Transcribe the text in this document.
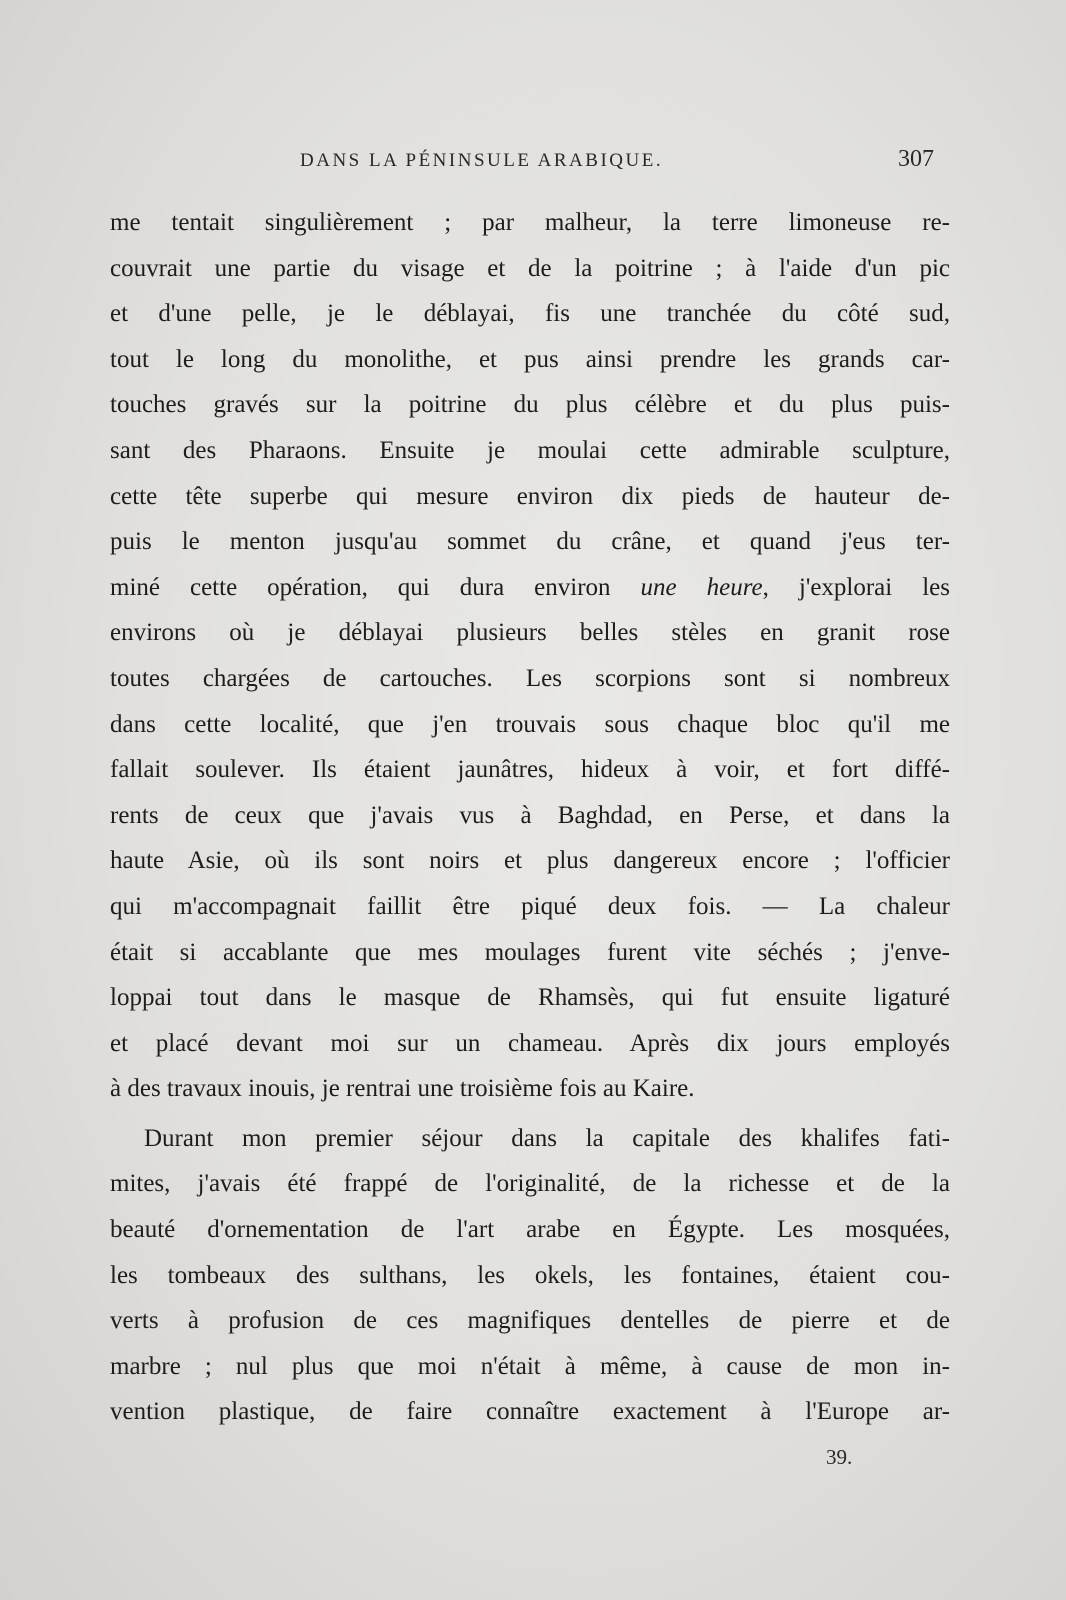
DANS LA PÉNINSULE ARABIQUE.	307
me tentait singulièrement ; par malheur, la terre limoneuse re-
couvrait une partie du visage et de la poitrine ; à l'aide d'un pic
et d'une pelle, je le déblayai, fis une tranchée du côté sud,
tout le long du monolithe, et pus ainsi prendre les grands car-
touches gravés sur la poitrine du plus célèbre et du plus puis-
sant des Pharaons. Ensuite je moulai cette admirable sculpture,
cette tête superbe qui mesure environ dix pieds de hauteur de-
puis le menton jusqu'au sommet du crâne, et quand j'eus ter-
miné cette opération, qui dura environ une heure, j'explorai les
environs où je déblayai plusieurs belles stèles en granit rose
toutes chargées de cartouches. Les scorpions sont si nombreux
dans cette localité, que j'en trouvais sous chaque bloc qu'il me
fallait soulever. Ils étaient jaunâtres, hideux à voir, et fort diffé-
rents de ceux que j'avais vus à Baghdad, en Perse, et dans la
haute Asie, où ils sont noirs et plus dangereux encore ; l'officier
qui m'accompagnait faillit être piqué deux fois. — La chaleur
était si accablante que mes moulages furent vite séchés ; j'enve-
loppai tout dans le masque de Rhamsès, qui fut ensuite ligaturé
et placé devant moi sur un chameau. Après dix jours employés
à des travaux inouis, je rentrai une troisième fois au Kaire.
Durant mon premier séjour dans la capitale des khalifes fati-
mites, j'avais été frappé de l'originalité, de la richesse et de la
beauté d'ornementation de l'art arabe en Égypte. Les mosquées,
les tombeaux des sulthans, les okels, les fontaines, étaient cou-
verts à profusion de ces magnifiques dentelles de pierre et de
marbre ; nul plus que moi n'était à même, à cause de mon in-
vention plastique, de faire connaître exactement à l'Europe ar-
39.
